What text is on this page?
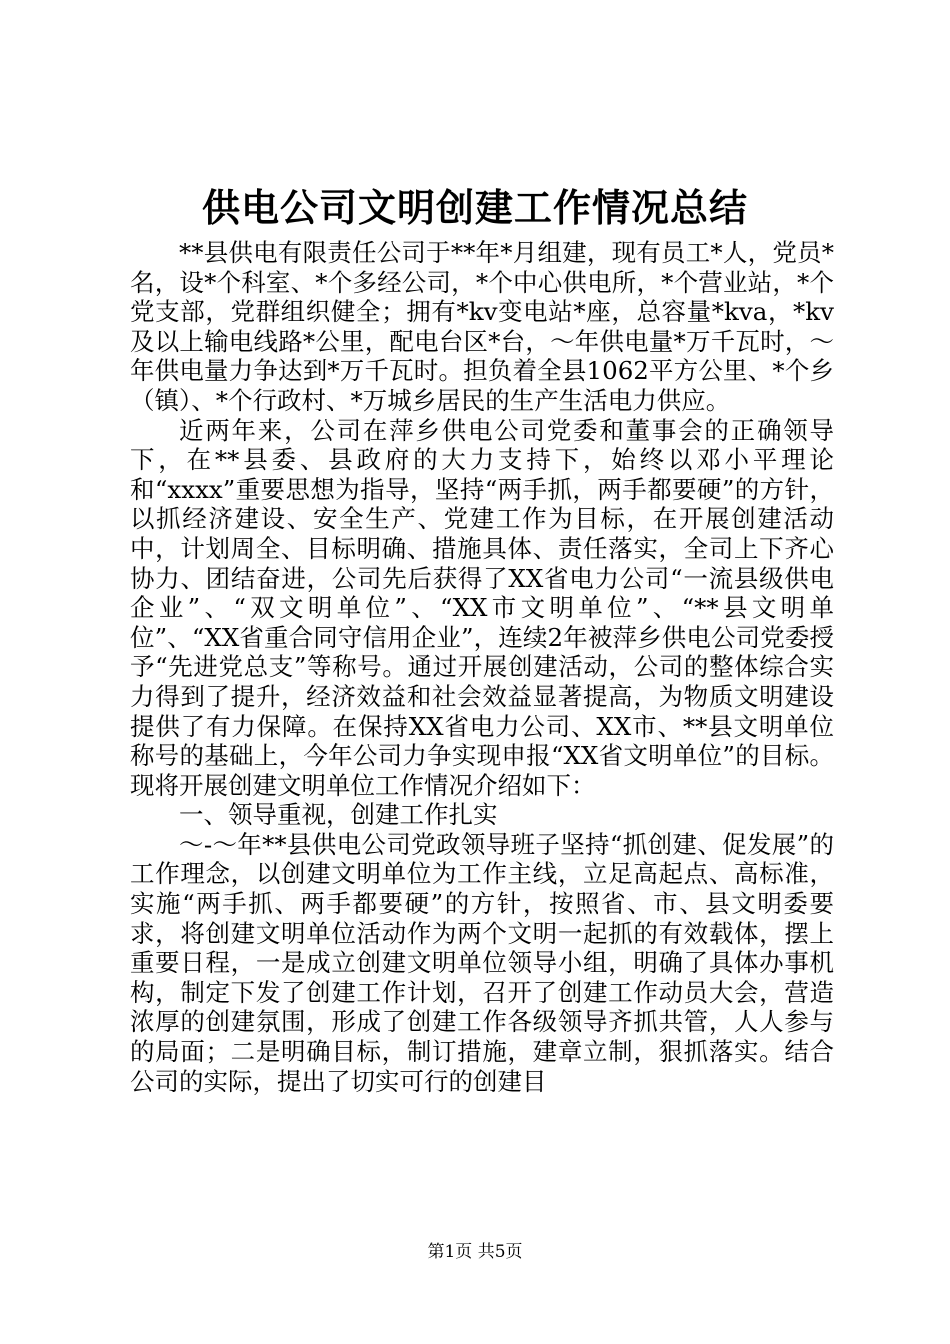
供电公司文明创建工作情况总结

**县供电有限责任公司于**年*月组建，现有员工*人，党员*名，设*个科室、*个多经公司，*个中心供电所，*个营业站，*个党支部，党群组织健全；拥有*kv变电站*座，总容量*kva，*kv及以上输电线路*公里，配电台区*台，～年供电量*万千瓦时，～年供电量力争达到*万千瓦时。担负着全县1062平方公里、*个乡（镇）、*个行政村、*万城乡居民的生产生活电力供应。

近两年来，公司在萍乡供电公司党委和董事会的正确领导下，在**县委、县政府的大力支持下，始终以邓小平理论和“xxxx”重要思想为指导，坚持“两手抓，两手都要硬”的方针，以抓经济建设、安全生产、党建工作为目标，在开展创建活动中，计划周全、目标明确、措施具体、责任落实，全司上下齐心协力、团结奋进，公司先后获得了XX省电力公司“一流县级供电企业”、“双文明单位”、“XX市文明单位”、“**县文明单位”、“XX省重合同守信用企业”，连续2年被萍乡供电公司党委授予“先进党总支”等称号。通过开展创建活动，公司的整体综合实力得到了提升，经济效益和社会效益显著提高，为物质文明建设提供了有力保障。在保持XX省电力公司、XX市、**县文明单位称号的基础上，今年公司力争实现申报“XX省文明单位”的目标。现将开展创建文明单位工作情况介绍如下：

一、领导重视，创建工作扎实

～-～年**县供电公司党政领导班子坚持“抓创建、促发展”的工作理念，以创建文明单位为工作主线，立足高起点、高标准，实施“两手抓、两手都要硬”的方针，按照省、市、县文明委要求，将创建文明单位活动作为两个文明一起抓的有效载体，摆上重要日程，一是成立创建文明单位领导小组，明确了具体办事机构，制定下发了创建工作计划，召开了创建工作动员大会，营造浓厚的创建氛围，形成了创建工作各级领导齐抓共管，人人参与的局面；二是明确目标，制订措施，建章立制，狠抓落实。结合公司的实际，提出了切实可行的创建目

第1页 共5页
